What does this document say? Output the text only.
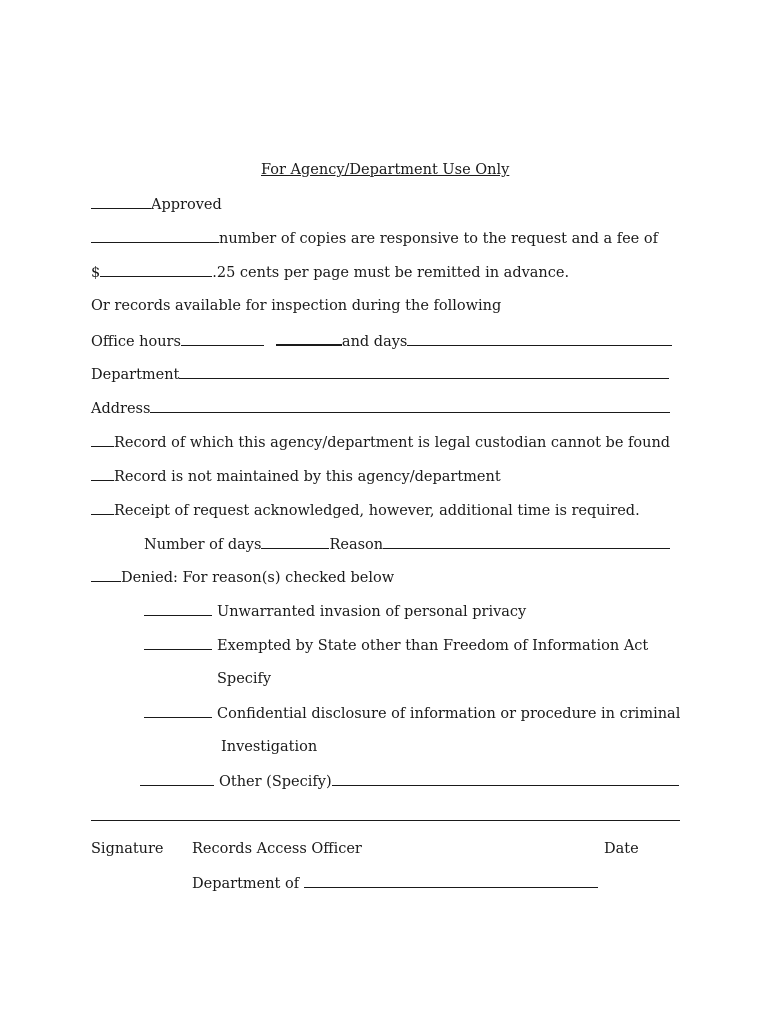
For Agency/Department Use Only
Approved
number of copies are responsive to the request and a fee of
$	.25 cents per page must be remitted in advance.
Or records available for inspection during the following
Office hours	and days
Department
Address
Record of which this agency/department is legal custodian cannot be found
Record is not maintained by this agency/department
Receipt of request acknowledged, however, additional time is required.
Number of days	Reason
Denied: For reason(s) checked below
Unwarranted invasion of personal privacy
Exempted by State other than Freedom of Information Act
Specify
Confidential disclosure of information or procedure in criminal
Investigation
Other (Specify)
Signature Records Access Officer	Date
Department of
